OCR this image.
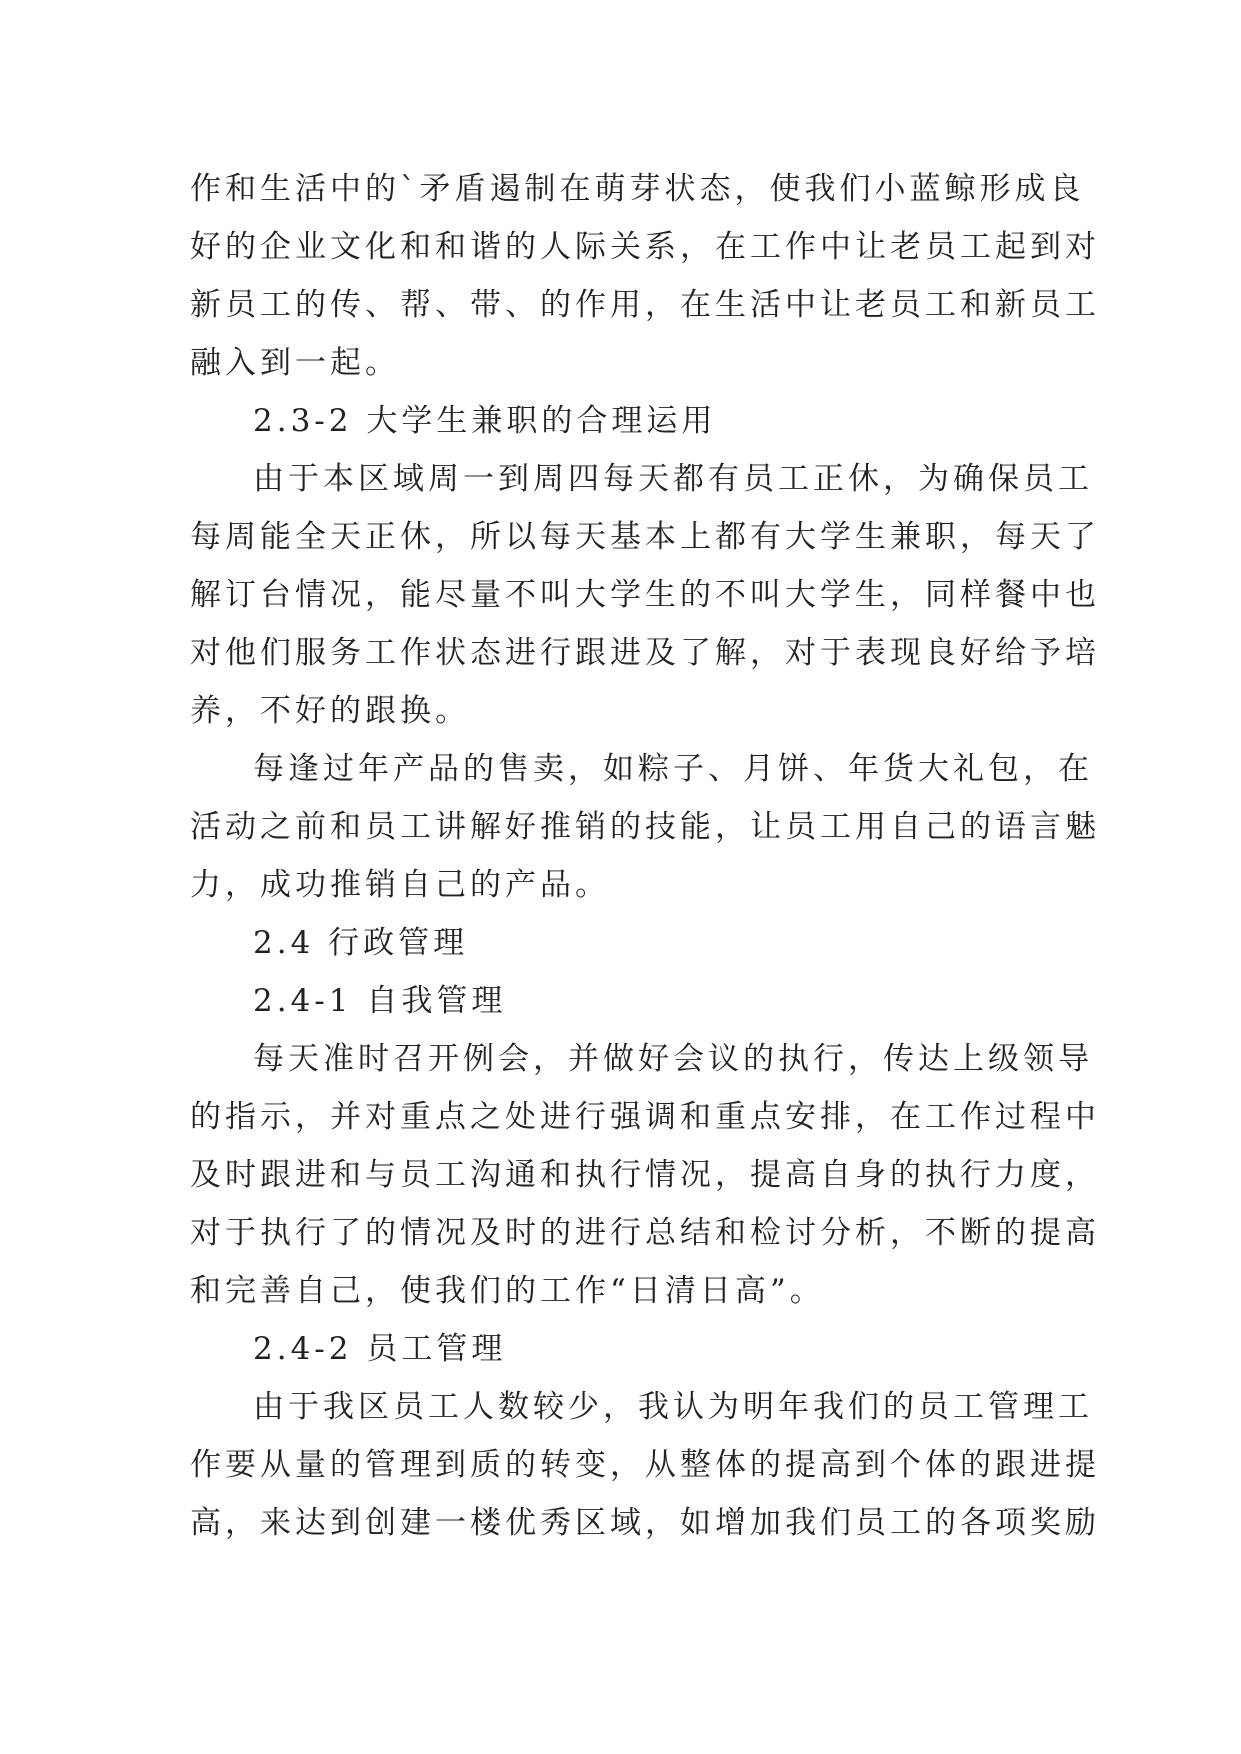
作和生活中的`矛盾遏制在萌芽状态，使我们小蓝鲸形成良
好的企业文化和和谐的人际关系，在工作中让老员工起到对
新员工的传、帮、带、的作用，在生活中让老员工和新员工
融入到一起。
2.3-2 大学生兼职的合理运用
由于本区域周一到周四每天都有员工正休，为确保员工
每周能全天正休，所以每天基本上都有大学生兼职，每天了
解订台情况，能尽量不叫大学生的不叫大学生，同样餐中也
对他们服务工作状态进行跟进及了解，对于表现良好给予培
养，不好的跟换。
每逢过年产品的售卖，如粽子、月饼、年货大礼包，在
活动之前和员工讲解好推销的技能，让员工用自己的语言魅
力，成功推销自己的产品。
2.4 行政管理
2.4-1 自我管理
每天准时召开例会，并做好会议的执行，传达上级领导
的指示，并对重点之处进行强调和重点安排，在工作过程中
及时跟进和与员工沟通和执行情况，提高自身的执行力度，
对于执行了的情况及时的进行总结和检讨分析，不断的提高
和完善自己，使我们的工作“日清日高”。
2.4-2 员工管理
由于我区员工人数较少，我认为明年我们的员工管理工
作要从量的管理到质的转变，从整体的提高到个体的跟进提
高，来达到创建一楼优秀区域，如增加我们员工的各项奖励
